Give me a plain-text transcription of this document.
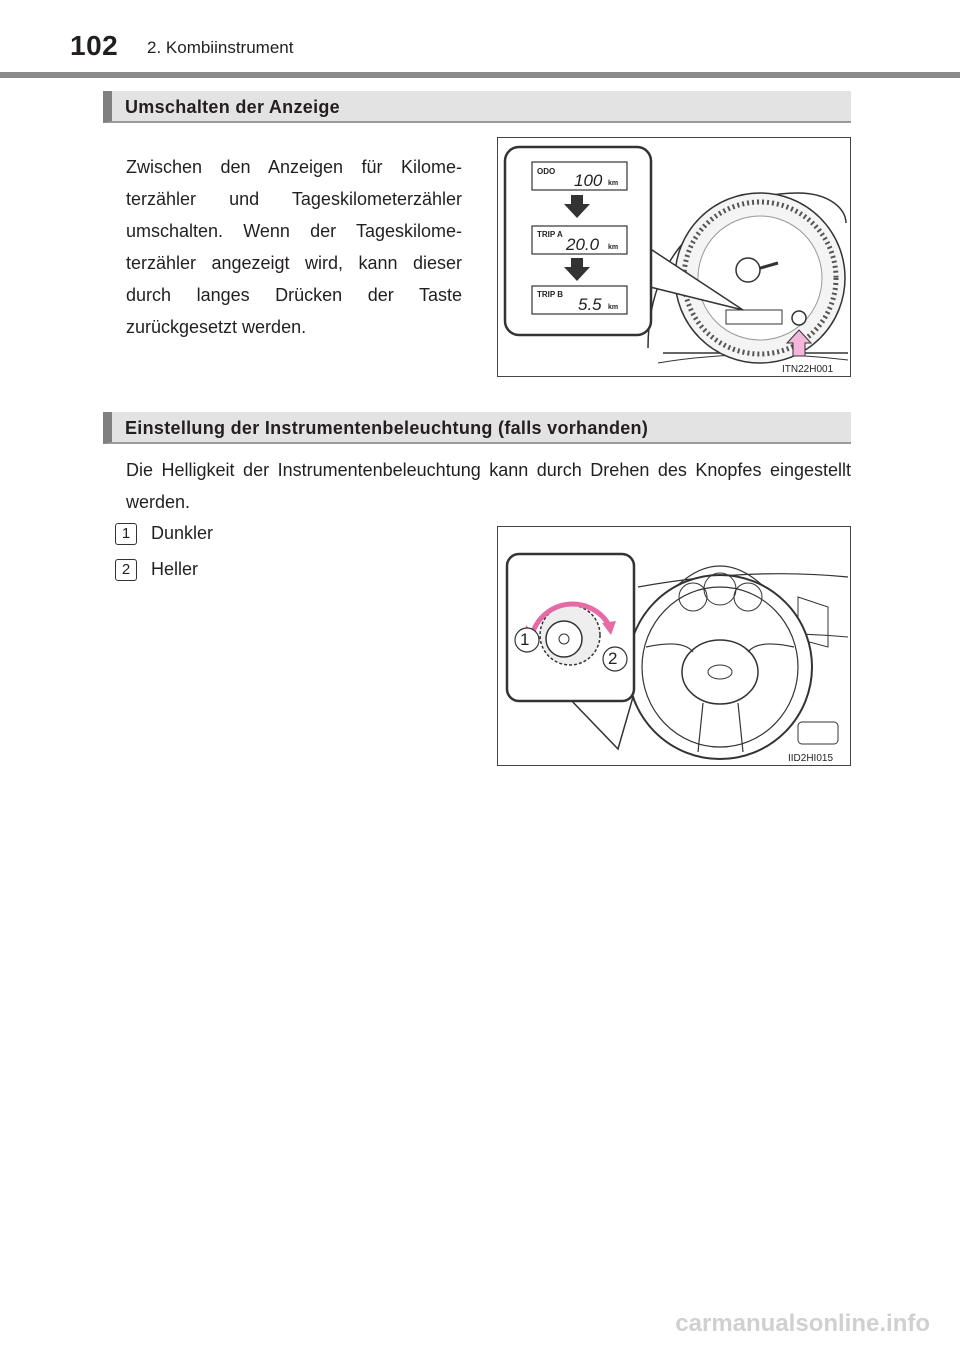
102 2. Kombiinstrument
Umschalten der Anzeige
Zwischen den Anzeigen für Kilome-terzähler und Tageskilometerzähler umschalten. Wenn der Tageskilome-terzähler angezeigt wird, kann dieser durch langes Drücken der Taste zurückgesetzt werden.
ODO 100 km
TRIP A
20.0 km
TRIP B
5.5 km
ITN22H001
Einstellung der Instrumentenbeleuchtung (falls vorhanden)
Die Helligkeit der Instrumentenbeleuchtung kann durch Drehen des Knopfes eingestellt werden.
1 Dunkler
2 Heller
1
2
IID2HI015
carmanualsonline.info
